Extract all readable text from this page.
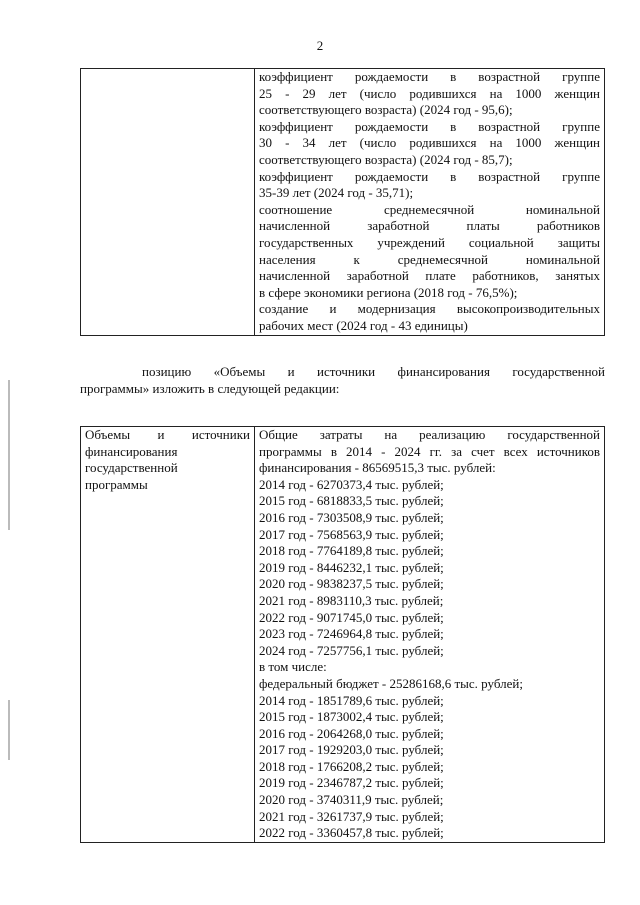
2

коэффициент рождаемости в возрастной группе
25 - 29 лет (число родившихся на 1000 женщин
соответствующего возраста) (2024 год - 95,6);
коэффициент рождаемости в возрастной группе
30 - 34 лет (число родившихся на 1000 женщин
соответствующего возраста) (2024 год - 85,7);
коэффициент рождаемости в возрастной группе
35-39 лет (2024 год - 35,71);
соотношение среднемесячной номинальной
начисленной заработной платы работников
государственных учреждений социальной защиты
населения к среднемесячной номинальной
начисленной заработной плате работников, занятых
в сфере экономики региона (2018 год - 76,5%);
создание и модернизация высокопроизводительных
рабочих мест (2024 год - 43 единицы)
позицию «Объемы и источники финансирования государственной
программы» изложить в следующей редакции:
Объемы и источники
финансирования
государственной
программы

Общие затраты на реализацию государственной
программы в 2014 - 2024 гг. за счет всех источников
финансирования - 86569515,3 тыс. рублей:
2014 год - 6270373,4 тыс. рублей;
2015 год - 6818833,5 тыс. рублей;
2016 год - 7303508,9 тыс. рублей;
2017 год - 7568563,9 тыс. рублей;
2018 год - 7764189,8 тыс. рублей;
2019 год - 8446232,1 тыс. рублей;
2020 год - 9838237,5 тыс. рублей;
2021 год - 8983110,3 тыс. рублей;
2022 год - 9071745,0 тыс. рублей;
2023 год - 7246964,8 тыс. рублей;
2024 год - 7257756,1 тыс. рублей;
в том числе:
федеральный бюджет - 25286168,6 тыс. рублей;
2014 год - 1851789,6 тыс. рублей;
2015 год - 1873002,4 тыс. рублей;
2016 год - 2064268,0 тыс. рублей;
2017 год - 1929203,0 тыс. рублей;
2018 год - 1766208,2 тыс. рублей;
2019 год - 2346787,2 тыс. рублей;
2020 год - 3740311,9 тыс. рублей;
2021 год - 3261737,9 тыс. рублей;
2022 год - 3360457,8 тыс. рублей;
